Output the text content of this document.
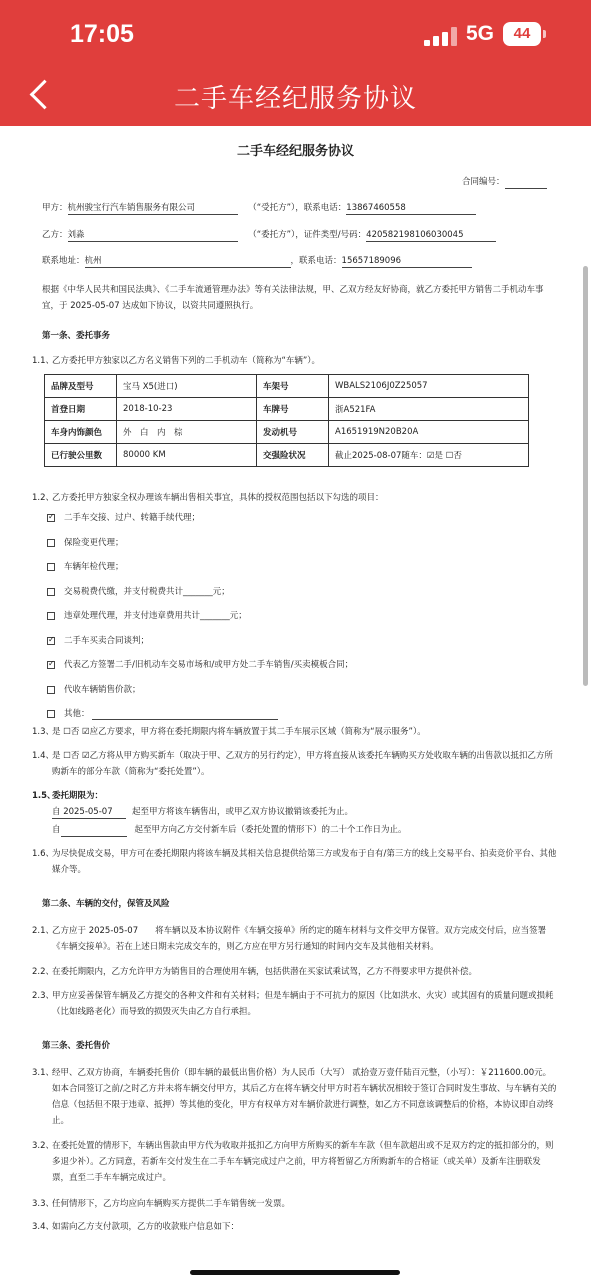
17:05	5G	44
二手车经纪服务协议
二手车经纪服务协议
合同编号：
甲方：杭州骏宝行汽车销售服务有限公司	（“受托方”），联系电话：13867460558
乙方：刘淼	（“委托方”），证件类型/号码：420582198106030045
联系地址：杭州	，联系电话：15657189096
根据《中华人民共和国民法典》、《二手车流通管理办法》等有关法律法规，甲、乙双方经友好协商，就乙方委托甲方销售二手机动车事宜，于 2025-05-07 达成如下协议，以资共同遵照执行。
第一条、委托事务
1.1、
乙方委托甲方独家以乙方名义销售下列的二手机动车（简称为“车辆”）。
品牌及型号	宝马 X5(进口)	车架号	WBALS2106J0Z25057
首登日期	2018-10-23	车牌号	浙A521FA
车身内饰颜色	外　白　内　棕	发动机号	A1651919N20B20A
已行驶公里数	80000 KM	交强险状况	截止2025-08-07随车：☑是 ☐否
1.2、
乙方委托甲方独家全权办理该车辆出售相关事宜，具体的授权范围包括以下勾选的项目：
1.3、
是 ☐否 ☑应乙方要求，甲方将在委托期限内将车辆放置于其二手车展示区域（简称为“展示服务”）。
1.4、
是 ☐否 ☑乙方将从甲方购买新车（取决于甲、乙双方的另行约定），甲方将直接从该委托车辆购买方处收取车辆的出售款以抵扣乙方所购新车的部分车款（简称为“委托处置”）。
1.5、
委托期限为：
自 2025-05-07 起至甲方将该车辆售出，或甲乙双方协议撤销该委托为止。
自	起至甲方向乙方交付新车后（委托处置的情形下）的二十个工作日为止。
1.6、
为尽快促成交易，甲方可在委托期限内将该车辆及其相关信息提供给第三方或发布于自有/第三方的线上交易平台、拍卖竞价平台、其他媒介等。
第二条、车辆的交付，保管及风险
2.1、
乙方应于 2025-05-07　　将车辆以及本协议附件《车辆交接单》所约定的随车材料与文件交甲方保管。双方完成交付后，应当签署《车辆交接单》。若在上述日期未完成交车的，则乙方应在甲方另行通知的时间内交车及其他相关材料。
2.2、
在委托期限内，乙方允许甲方为销售目的合理使用车辆，包括供潜在买家试乘试驾，乙方不得要求甲方提供补偿。
2.3、
甲方应妥善保管车辆及乙方提交的各种文件和有关材料；但是车辆由于不可抗力的原因（比如洪水、火灾）或其固有的质量问题或损耗（比如线路老化）而导致的损毁灭失由乙方自行承担。
第三条、委托售价
3.1、
经甲、乙双方协商，车辆委托售价（即车辆的最低出售价格）为人民币（大写） 贰拾壹万壹仟陆百元整，（小写）：￥211600.00元。如本合同签订之前/之时乙方并未将车辆交付甲方，其后乙方在将车辆交付甲方时若车辆状况相较于签订合同时发生事故、与车辆有关的信息（包括但不限于违章、抵押）等其他的变化，甲方有权单方对车辆价款进行调整，如乙方不同意该调整后的价格，本协议即自动终止。
3.2、
在委托处置的情形下，车辆出售款由甲方代为收取并抵扣乙方向甲方所购买的新车车款（但车款超出或不足双方约定的抵扣部分的，则多退少补）。乙方同意，若新车交付发生在二手车车辆完成过户之前，甲方将暂留乙方所购新车的合格证（或关单）及新车注册联发票，直至二手车车辆完成过户。
3.3、
任何情形下，乙方均应向车辆购买方提供二手车销售统一发票。
3.4、
如需向乙方支付款项，乙方的收款账户信息如下：
✓
二手车交接、过户、转籍手续代理；
保险变更代理；
车辆年检代理；
交易税费代缴，并支付税费共计_______元；
违章处理代理，并支付违章费用共计_______元；
✓
二手车买卖合同谈判；
✓
代表乙方签署二手/旧机动车交易市场和/或甲方处二手车销售/买卖模板合同；
代收车辆销售价款；
其他：
